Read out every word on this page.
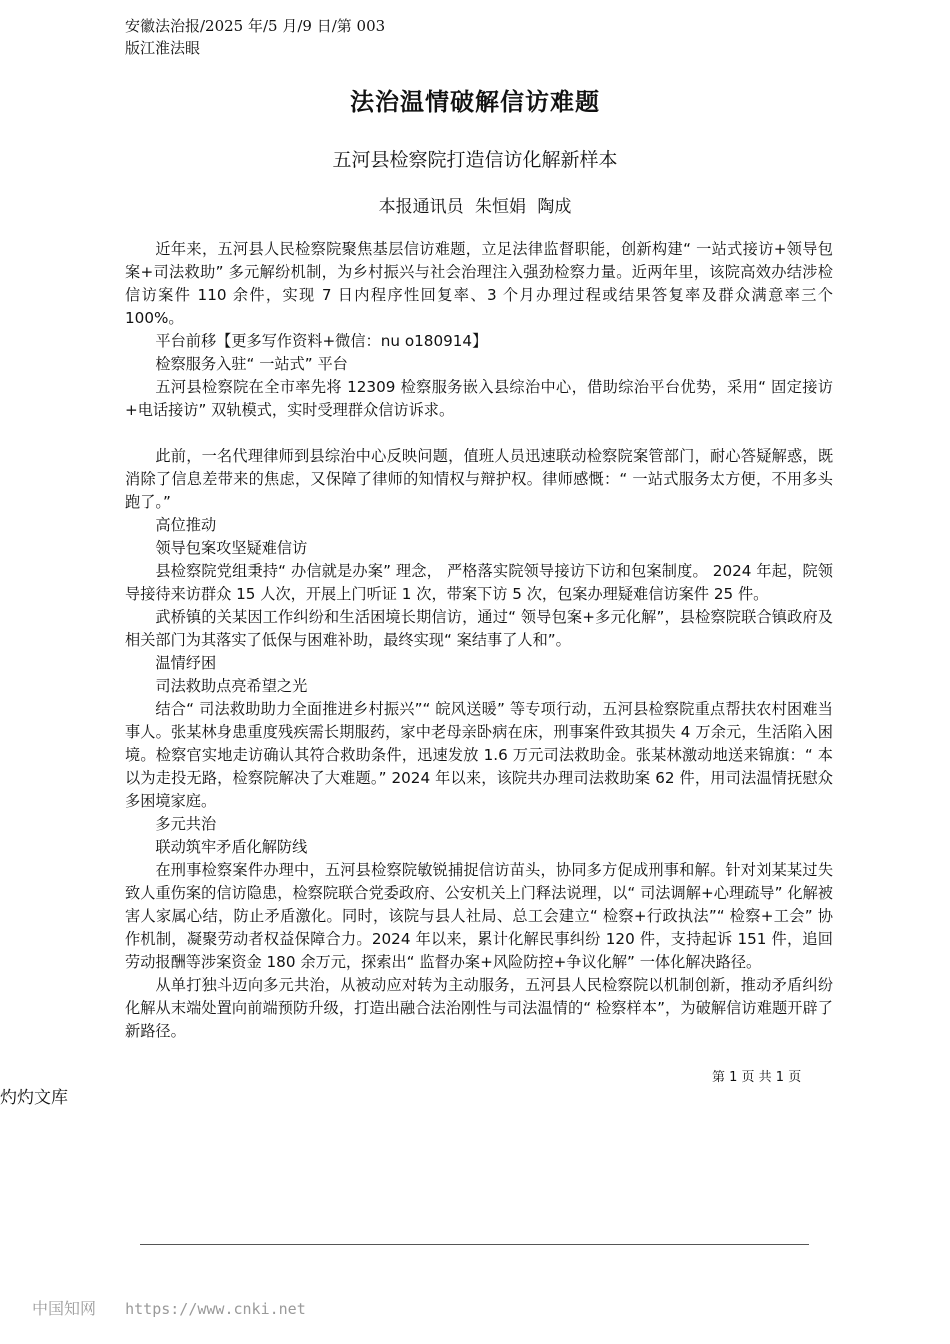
安徽法治报/2025 年/5 月/9 日/第 003
版江淮法眼
法治温情破解信访难题
五河县检察院打造信访化解新样本
本报通讯员 朱恒娟 陶成

近年来，五河县人民检察院聚焦基层信访难题，立足法律监督职能，创新构建“ 一站式接访+领导包案+司法救助” 多元解纷机制，为乡村振兴与社会治理注入强劲检察力量。近两年里，该院高效办结涉检信访案件 110 余件，实现 7 日内程序性回复率、3 个月办理过程或结果答复率及群众满意率三个 100%。

平台前移【更多写作资料+微信：nu o180914】

检察服务入驻“ 一站式” 平台

五河县检察院在全市率先将 12309 检察服务嵌入县综治中心，借助综治平台优势，采用“ 固定接访+电话接访” 双轨模式，实时受理群众信访诉求。

此前，一名代理律师到县综治中心反映问题，值班人员迅速联动检察院案管部门，耐心答疑解惑，既消除了信息差带来的焦虑，又保障了律师的知情权与辩护权。律师感慨：“ 一站式服务太方便，不用多头跑了。”

高位推动

领导包案攻坚疑难信访

县检察院党组秉持“ 办信就是办案” 理念， 严格落实院领导接访下访和包案制度。 2024 年起，院领导接待来访群众 15 人次，开展上门听证 1 次，带案下访 5 次，包案办理疑难信访案件 25 件。

武桥镇的关某因工作纠纷和生活困境长期信访，通过“ 领导包案+多元化解”，县检察院联合镇政府及相关部门为其落实了低保与困难补助，最终实现“ 案结事了人和”。

温情纾困

司法救助点亮希望之光

结合“ 司法救助助力全面推进乡村振兴”“ 皖风送暖” 等专项行动，五河县检察院重点帮扶农村困难当事人。张某林身患重度残疾需长期服药，家中老母亲卧病在床，刑事案件致其损失 4 万余元，生活陷入困境。检察官实地走访确认其符合救助条件，迅速发放 1.6 万元司法救助金。张某林激动地送来锦旗：“ 本以为走投无路，检察院解决了大难题。” 2024 年以来，该院共办理司法救助案 62 件，用司法温情抚慰众多困境家庭。

多元共治

联动筑牢矛盾化解防线

在刑事检察案件办理中，五河县检察院敏锐捕捉信访苗头，协同多方促成刑事和解。针对刘某某过失致人重伤案的信访隐患，检察院联合党委政府、公安机关上门释法说理，以“ 司法调解+心理疏导” 化解被害人家属心结，防止矛盾激化。同时，该院与县人社局、总工会建立“ 检察+行政执法”“ 检察+工会” 协作机制，凝聚劳动者权益保障合力。2024 年以来，累计化解民事纠纷 120 件，支持起诉 151 件，追回劳动报酬等涉案资金 180 余万元，探索出“ 监督办案+风险防控+争议化解” 一体化解决路径。

从单打独斗迈向多元共治，从被动应对转为主动服务，五河县人民检察院以机制创新，推动矛盾纠纷化解从末端处置向前端预防升级，打造出融合法治刚性与司法温情的“ 检察样本”，为破解信访难题开辟了新路径。

第 1 页 共 1 页
灼灼文库
中国知网 https://www.cnki.net
